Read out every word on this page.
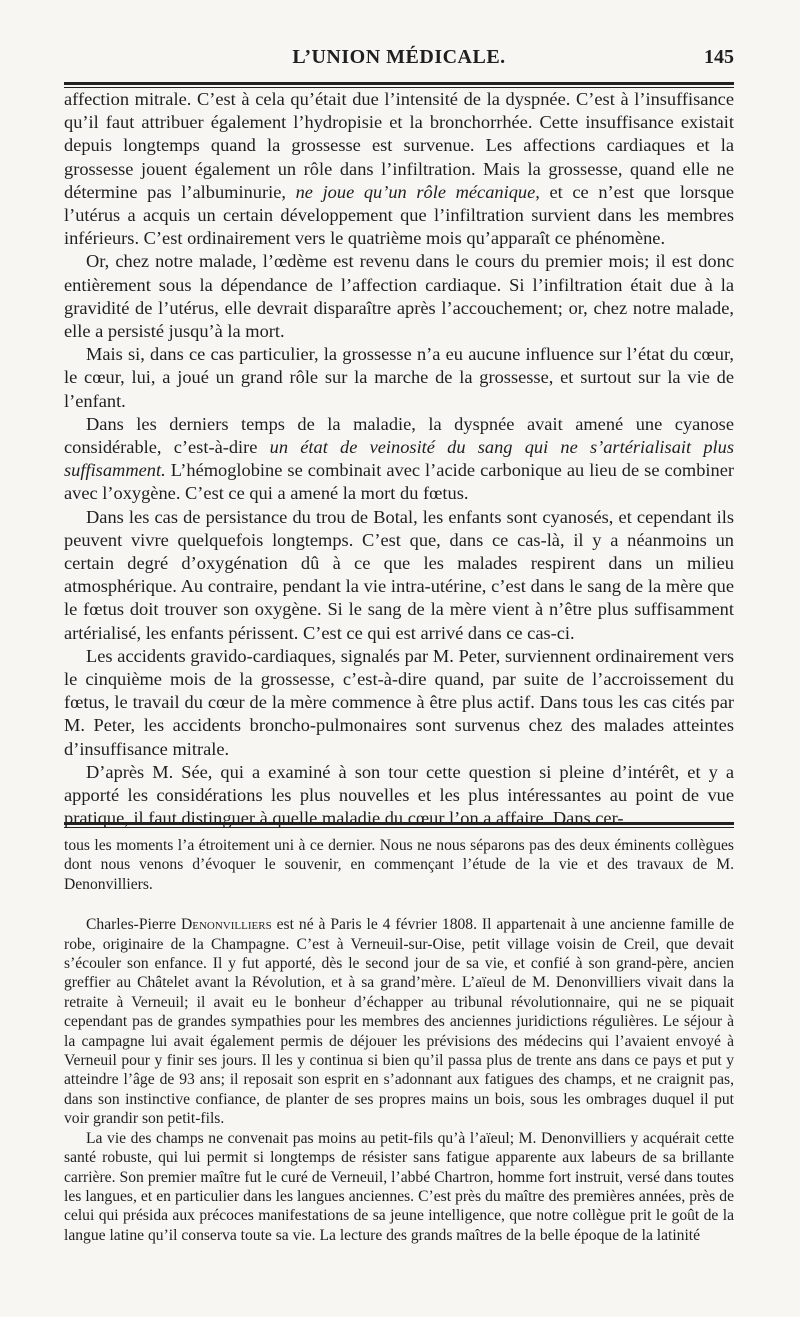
L’UNION MÉDICALE.	145

affection mitrale. C’est à cela qu’était due l’intensité de la dyspnée. C’est à l’insuffisance qu’il faut attribuer également l’hydropisie et la bronchorrhée. Cette insuffisance existait depuis longtemps quand la grossesse est survenue. Les affections cardiaques et la grossesse jouent également un rôle dans l’infiltration. Mais la grossesse, quand elle ne détermine pas l’albuminurie, ne joue qu’un rôle mécanique, et ce n’est que lorsque l’utérus a acquis un certain développement que l’infiltration survient dans les membres inférieurs. C’est ordinairement vers le quatrième mois qu’apparaît ce phénomène.

Or, chez notre malade, l’œdème est revenu dans le cours du premier mois; il est donc entièrement sous la dépendance de l’affection cardiaque. Si l’infiltration était due à la gravidité de l’utérus, elle devrait disparaître après l’accouchement; or, chez notre malade, elle a persisté jusqu’à la mort.

Mais si, dans ce cas particulier, la grossesse n’a eu aucune influence sur l’état du cœur, le cœur, lui, a joué un grand rôle sur la marche de la grossesse, et surtout sur la vie de l’enfant.

Dans les derniers temps de la maladie, la dyspnée avait amené une cyanose considérable, c’est-à-dire un état de veinosité du sang qui ne s’artérialisait plus suffisamment. L’hémoglobine se combinait avec l’acide carbonique au lieu de se combiner avec l’oxygène. C’est ce qui a amené la mort du fœtus.

Dans les cas de persistance du trou de Botal, les enfants sont cyanosés, et cependant ils peuvent vivre quelquefois longtemps. C’est que, dans ce cas-là, il y a néanmoins un certain degré d’oxygénation dû à ce que les malades respirent dans un milieu atmosphérique. Au contraire, pendant la vie intra-utérine, c’est dans le sang de la mère que le fœtus doit trouver son oxygène. Si le sang de la mère vient à n’être plus suffisamment artérialisé, les enfants périssent. C’est ce qui est arrivé dans ce cas-ci.

Les accidents gravido-cardiaques, signalés par M. Peter, surviennent ordinairement vers le cinquième mois de la grossesse, c’est-à-dire quand, par suite de l’accroissement du fœtus, le travail du cœur de la mère commence à être plus actif. Dans tous les cas cités par M. Peter, les accidents broncho-pulmonaires sont survenus chez des malades atteintes d’insuffisance mitrale.

D’après M. Sée, qui a examiné à son tour cette question si pleine d’intérêt, et y a apporté les considérations les plus nouvelles et les plus intéressantes au point de vue pratique, il faut distinguer à quelle maladie du cœur l’on a affaire. Dans cer-

tous les moments l’a étroitement uni à ce dernier. Nous ne nous séparons pas des deux éminents collègues dont nous venons d’évoquer le souvenir, en commençant l’étude de la vie et des travaux de M. Denonvilliers.

Charles-Pierre Denonvilliers est né à Paris le 4 février 1808. Il appartenait à une ancienne famille de robe, originaire de la Champagne. C’est à Verneuil-sur-Oise, petit village voisin de Creil, que devait s’écouler son enfance. Il y fut apporté, dès le second jour de sa vie, et confié à son grand-père, ancien greffier au Châtelet avant la Révolution, et à sa grand’mère. L’aïeul de M. Denonvilliers vivait dans la retraite à Verneuil; il avait eu le bonheur d’échapper au tribunal révolutionnaire, qui ne se piquait cependant pas de grandes sympathies pour les membres des anciennes juridictions régulières. Le séjour à la campagne lui avait également permis de déjouer les prévisions des médecins qui l’avaient envoyé à Verneuil pour y finir ses jours. Il les y continua si bien qu’il passa plus de trente ans dans ce pays et put y atteindre l’âge de 93 ans; il reposait son esprit en s’adonnant aux fatigues des champs, et ne craignit pas, dans son instinctive confiance, de planter de ses propres mains un bois, sous les ombrages duquel il put voir grandir son petit-fils.

La vie des champs ne convenait pas moins au petit-fils qu’à l’aïeul; M. Denonvilliers y acquérait cette santé robuste, qui lui permit si longtemps de résister sans fatigue apparente aux labeurs de sa brillante carrière. Son premier maître fut le curé de Verneuil, l’abbé Chartron, homme fort instruit, versé dans toutes les langues, et en particulier dans les langues anciennes. C’est près du maître des premières années, près de celui qui présida aux précoces manifestations de sa jeune intelligence, que notre collègue prit le goût de la langue latine qu’il conserva toute sa vie. La lecture des grands maîtres de la belle époque de la latinité
